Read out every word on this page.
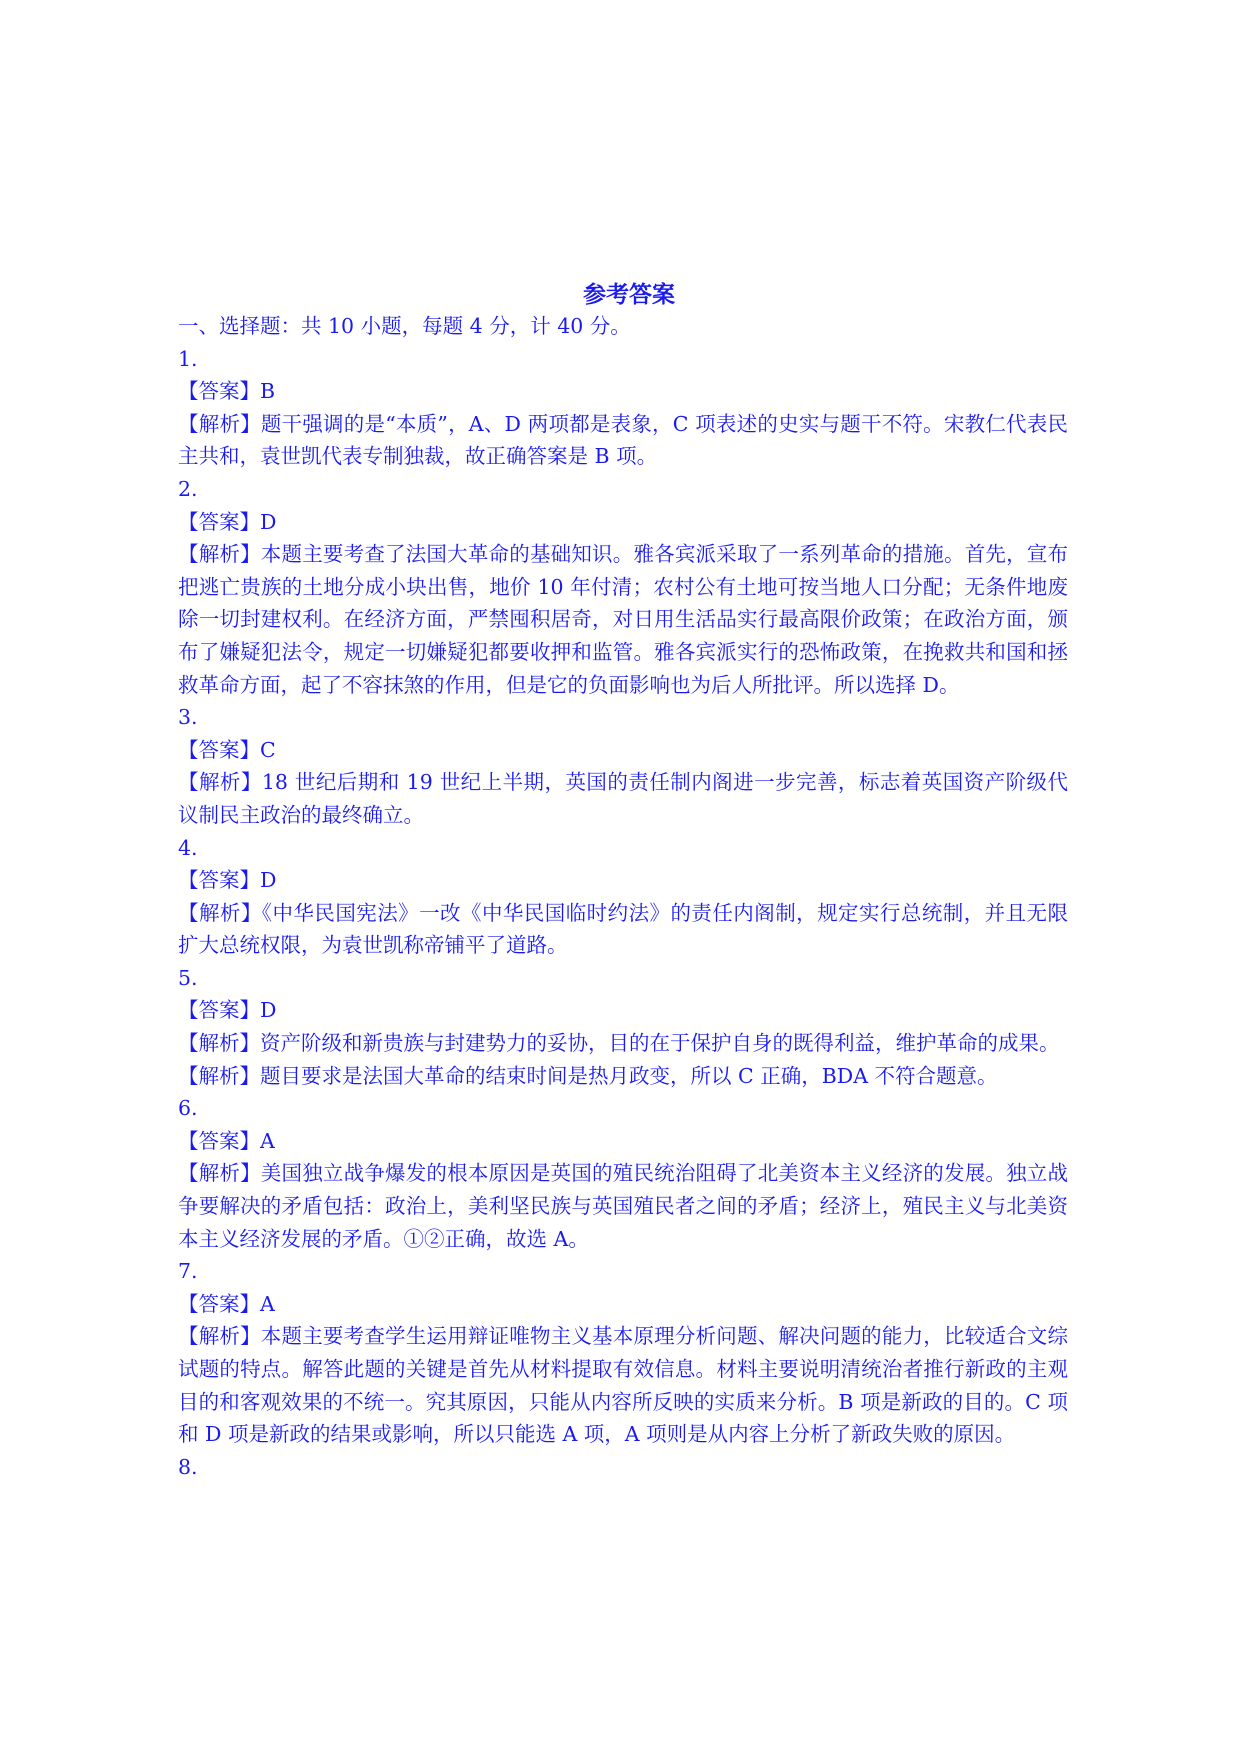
参考答案
一、选择题：共 10 小题，每题 4 分，计 40 分。
1.
【答案】B
【解析】题干强调的是“本质”，A、D 两项都是表象，C 项表述的史实与题干不符。宋教仁代表民主共和，袁世凯代表专制独裁，故正确答案是 B 项。
2.
【答案】D
【解析】本题主要考查了法国大革命的基础知识。雅各宾派采取了一系列革命的措施。首先，宣布把逃亡贵族的土地分成小块出售，地价 10 年付清；农村公有土地可按当地人口分配；无条件地废除一切封建权利。在经济方面，严禁囤积居奇，对日用生活品实行最高限价政策；在政治方面，颁布了嫌疑犯法令，规定一切嫌疑犯都要收押和监管。雅各宾派实行的恐怖政策，在挽救共和国和拯救革命方面，起了不容抹煞的作用，但是它的负面影响也为后人所批评。所以选择 D。
3.
【答案】C
【解析】18 世纪后期和 19 世纪上半期，英国的责任制内阁进一步完善，标志着英国资产阶级代议制民主政治的最终确立。
4.
【答案】D
【解析】《中华民国宪法》一改《中华民国临时约法》的责任内阁制，规定实行总统制，并且无限扩大总统权限，为袁世凯称帝铺平了道路。
5.
【答案】D
【解析】资产阶级和新贵族与封建势力的妥协，目的在于保护自身的既得利益，维护革命的成果。
【解析】题目要求是法国大革命的结束时间是热月政变，所以 C 正确，BDA 不符合题意。
6.
【答案】A
【解析】美国独立战争爆发的根本原因是英国的殖民统治阻碍了北美资本主义经济的发展。独立战争要解决的矛盾包括：政治上，美利坚民族与英国殖民者之间的矛盾；经济上，殖民主义与北美资本主义经济发展的矛盾。①②正确，故选 A。
7.
【答案】A
【解析】本题主要考查学生运用辩证唯物主义基本原理分析问题、解决问题的能力，比较适合文综试题的特点。解答此题的关键是首先从材料提取有效信息。材料主要说明清统治者推行新政的主观目的和客观效果的不统一。究其原因，只能从内容所反映的实质来分析。B 项是新政的目的。C 项和 D 项是新政的结果或影响，所以只能选 A 项，A 项则是从内容上分析了新政失败的原因。
8.
